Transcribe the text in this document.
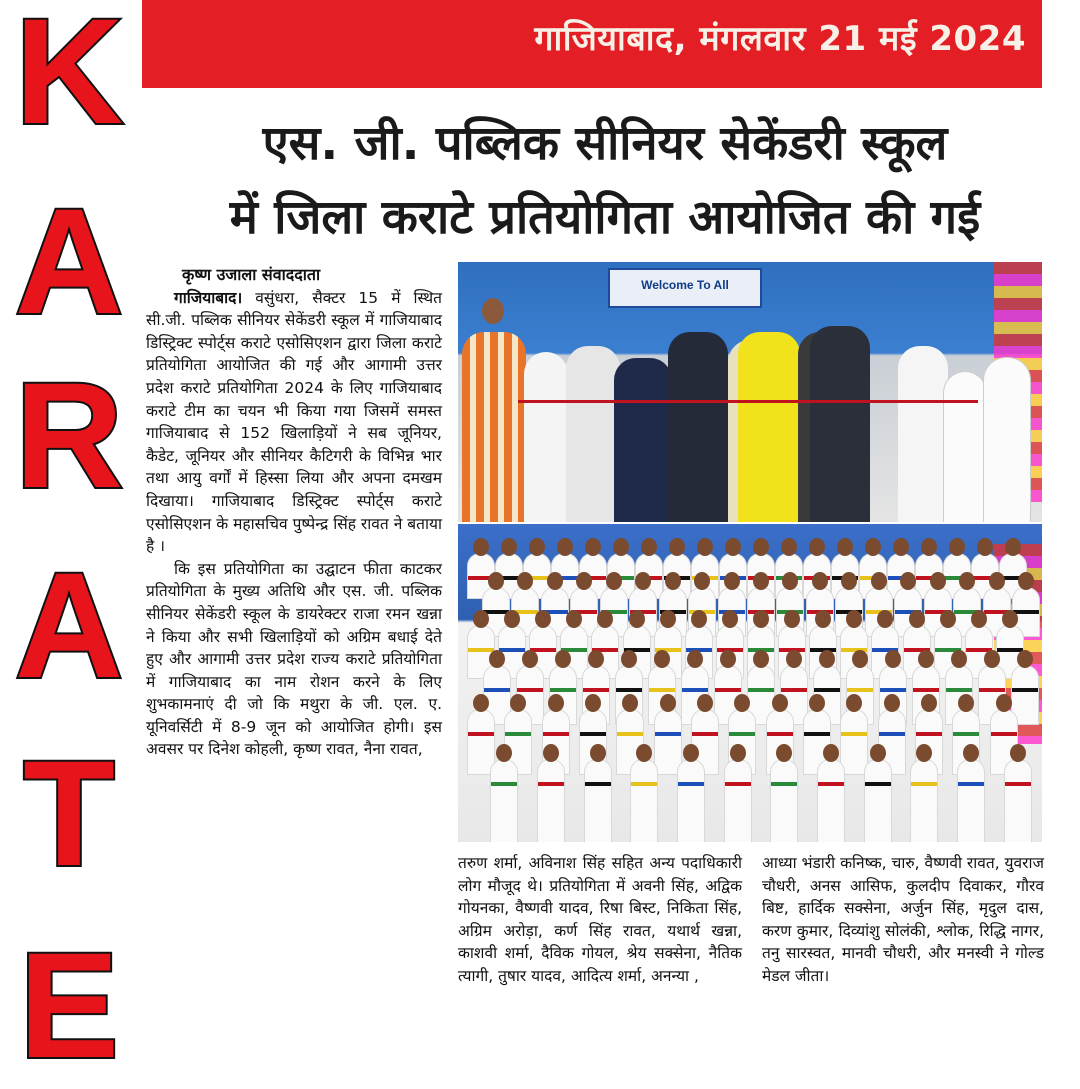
K
A
R
A
T
E
गाजियाबाद, मंगलवार 21 मई 2024
एस. जी. पब्लिक सीनियर सेकेंडरी स्कूल
में जिला कराटे प्रतियोगिता आयोजित की गई
कृष्ण उजाला संवाददाता

गाजियाबाद। वसुंधरा, सैक्टर 15 में स्थित सी.जी. पब्लिक सीनियर सेकेंडरी स्कूल में गाजियाबाद डिस्ट्रिक्ट स्पोर्ट्स कराटे एसोसिएशन द्वारा जिला कराटे प्रतियोगिता आयोजित की गई और आगामी उत्तर प्रदेश कराटे प्रतियोगिता 2024 के लिए गाजियाबाद कराटे टीम का चयन भी किया गया जिसमें समस्त गाजियाबाद से 152 खिलाड़ियों ने सब जूनियर, कैडेट, जूनियर और सीनियर कैटिगरी के विभिन्न भार तथा आयु वर्गों में हिस्सा लिया और अपना दमखम दिखाया। गाजियाबाद डिस्ट्रिक्ट स्पोर्ट्स कराटे एसोसिएशन के महासचिव पुष्पेन्द्र सिंह रावत ने बताया है ।

कि इस प्रतियोगिता का उद्घाटन फीता काटकर प्रतियोगिता के मुख्य अतिथि और एस. जी. पब्लिक सीनियर सेकेंडरी स्कूल के डायरेक्टर राजा रमन खन्ना ने किया और सभी खिलाड़ियों को अग्रिम बधाई देते हुए और आगामी उत्तर प्रदेश राज्य कराटे प्रतियोगिता में गाजियाबाद का नाम रोशन करने के लिए शुभकामनाएं दी जो कि मथुरा के जी. एल. ए. यूनिवर्सिटी में 8-9 जून को आयोजित होगी। इस अवसर पर दिनेश कोहली, कृष्ण रावत, नैना रावत,

Welcome To All

तरुण शर्मा, अविनाश सिंह सहित अन्य पदाधिकारी लोग मौजूद थे। प्रतियोगिता में अवनी सिंह, अद्विक गोयनका, वैष्णवी यादव, रिषा बिस्ट, निकिता सिंह, अग्रिम अरोड़ा, कर्ण सिंह रावत, यथार्थ खन्ना, काशवी शर्मा, दैविक गोयल, श्रेय सक्सेना, नैतिक त्यागी, तुषार यादव, आदित्य शर्मा, अनन्या ,

आध्या भंडारी कनिष्क, चारु, वैष्णवी रावत, युवराज चौधरी, अनस आसिफ, कुलदीप दिवाकर, गौरव बिष्ट, हार्दिक सक्सेना, अर्जुन सिंह, मृदुल दास, करण कुमार, दिव्यांशु सोलंकी, श्लोक, रिद्धि नागर, तनु सारस्वत, मानवी चौधरी, और मनस्वी ने गोल्ड मेडल जीता।
